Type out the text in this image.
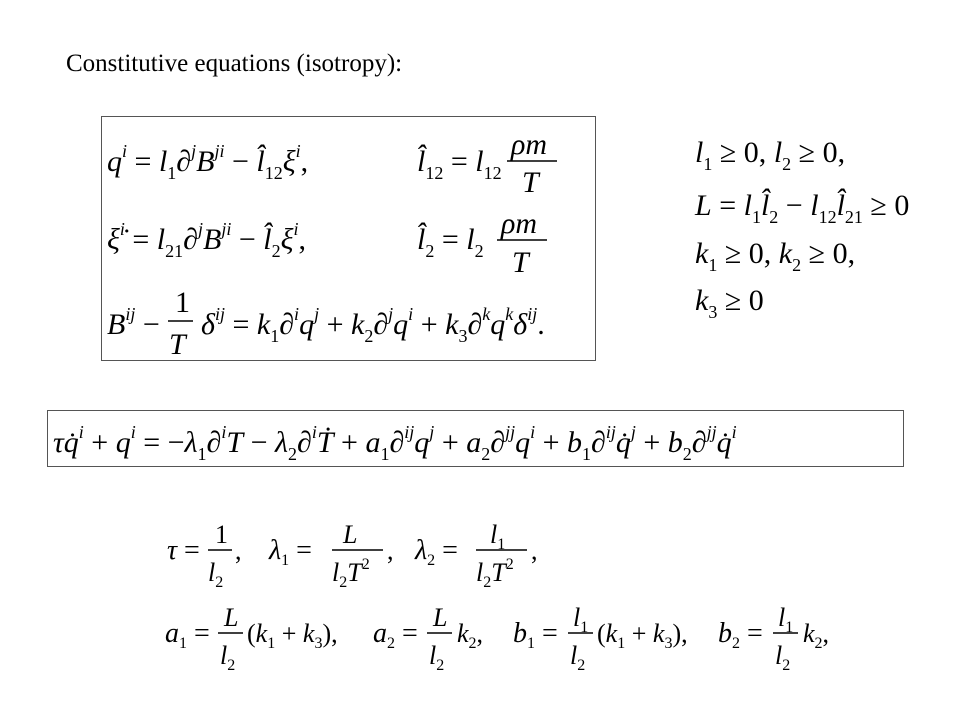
Constitutive equations (isotropy):
$q^i = l_1\partial^jB^{ji}$ − $l̂_{12}\xi^i$,	$l̂_{12} = l_{12}$
ρm
T
ξ̇$^i$ = $l_{21}\partial^jB^{ji}$ − $l̂_2\xi^i$,	$l̂_2 = l_2$
ρm
T
$B^{ij}$ −
1
T
$\delta^{ij} = k_1\partial^iq^j + k_2\partial^jq^i + k_3\partial^kq^k\delta^{ij}$.
$l_1 \ge 0$, $l_2 \ge 0$,
$L = l_1l̂_2$ − $l_{12}l̂_{21} \ge 0$
$k_1 \ge 0$, $k_2 \ge 0$,
$k_3 \ge 0$
τq̇$^i$ + $q^i = -\lambda_1\partial^iT$ − $\lambda_2\partial^iṪ + a_1\partial^{ij}q^j + a_2\partial^{jj}q^i$ + $b_1\partial^{ij}q̇^j$ + $b_2\partial^{jj}q̇^i$
τ =
1
$l_2$
, $\lambda_1$ =
L
$l_2T^2$ , $\lambda_2$ =
$l_1$
$l_2T^2$ ,
$a_1$ =
L
$l_2$
$(k_1 + k_3)$, $a_2$ =
L
$l_2$
$k_2$, $b_1$ =
$l_1$
$l_2$
$(k_1 + k_3)$, $b_2$ =
$l_1$
$l_2$
$k_2$,
